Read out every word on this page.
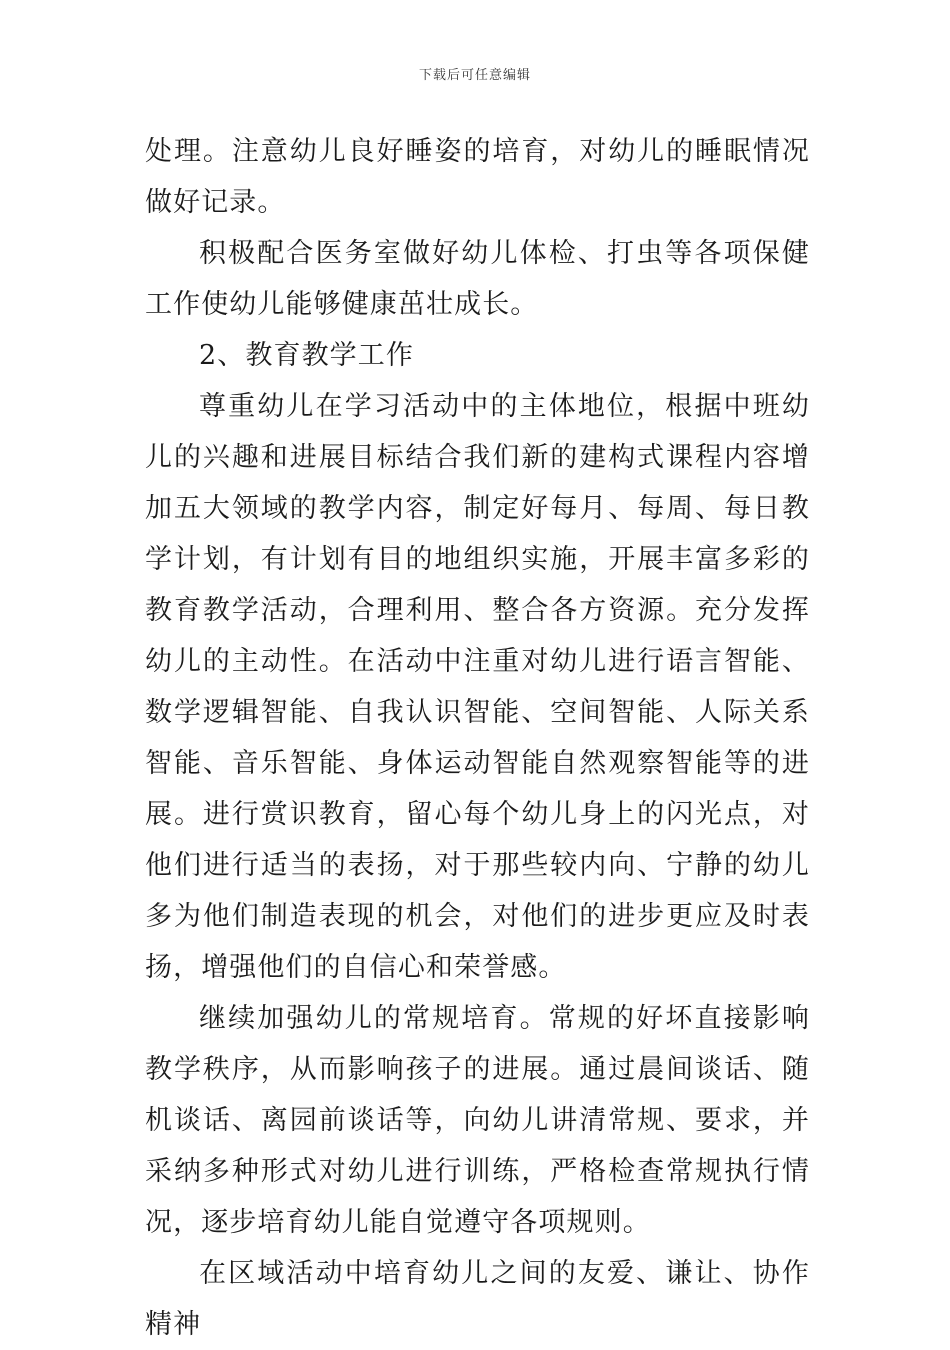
下载后可任意编辑

处理。注意幼儿良好睡姿的培育，对幼儿的睡眠情况做好记录。

积极配合医务室做好幼儿体检、打虫等各项保健工作使幼儿能够健康茁壮成长。

2、教育教学工作

尊重幼儿在学习活动中的主体地位，根据中班幼儿的兴趣和进展目标结合我们新的建构式课程内容增加五大领域的教学内容，制定好每月、每周、每日教学计划，有计划有目的地组织实施，开展丰富多彩的教育教学活动，合理利用、整合各方资源。充分发挥幼儿的主动性。在活动中注重对幼儿进行语言智能、数学逻辑智能、自我认识智能、空间智能、人际关系智能、音乐智能、身体运动智能自然观察智能等的进展。进行赏识教育，留心每个幼儿身上的闪光点，对他们进行适当的表扬，对于那些较内向、宁静的幼儿多为他们制造表现的机会，对他们的进步更应及时表扬，增强他们的自信心和荣誉感。

继续加强幼儿的常规培育。常规的好坏直接影响教学秩序，从而影响孩子的进展。通过晨间谈话、随机谈话、离园前谈话等，向幼儿讲清常规、要求，并采纳多种形式对幼儿进行训练，严格检查常规执行情况，逐步培育幼儿能自觉遵守各项规则。

在区域活动中培育幼儿之间的友爱、谦让、协作精神
